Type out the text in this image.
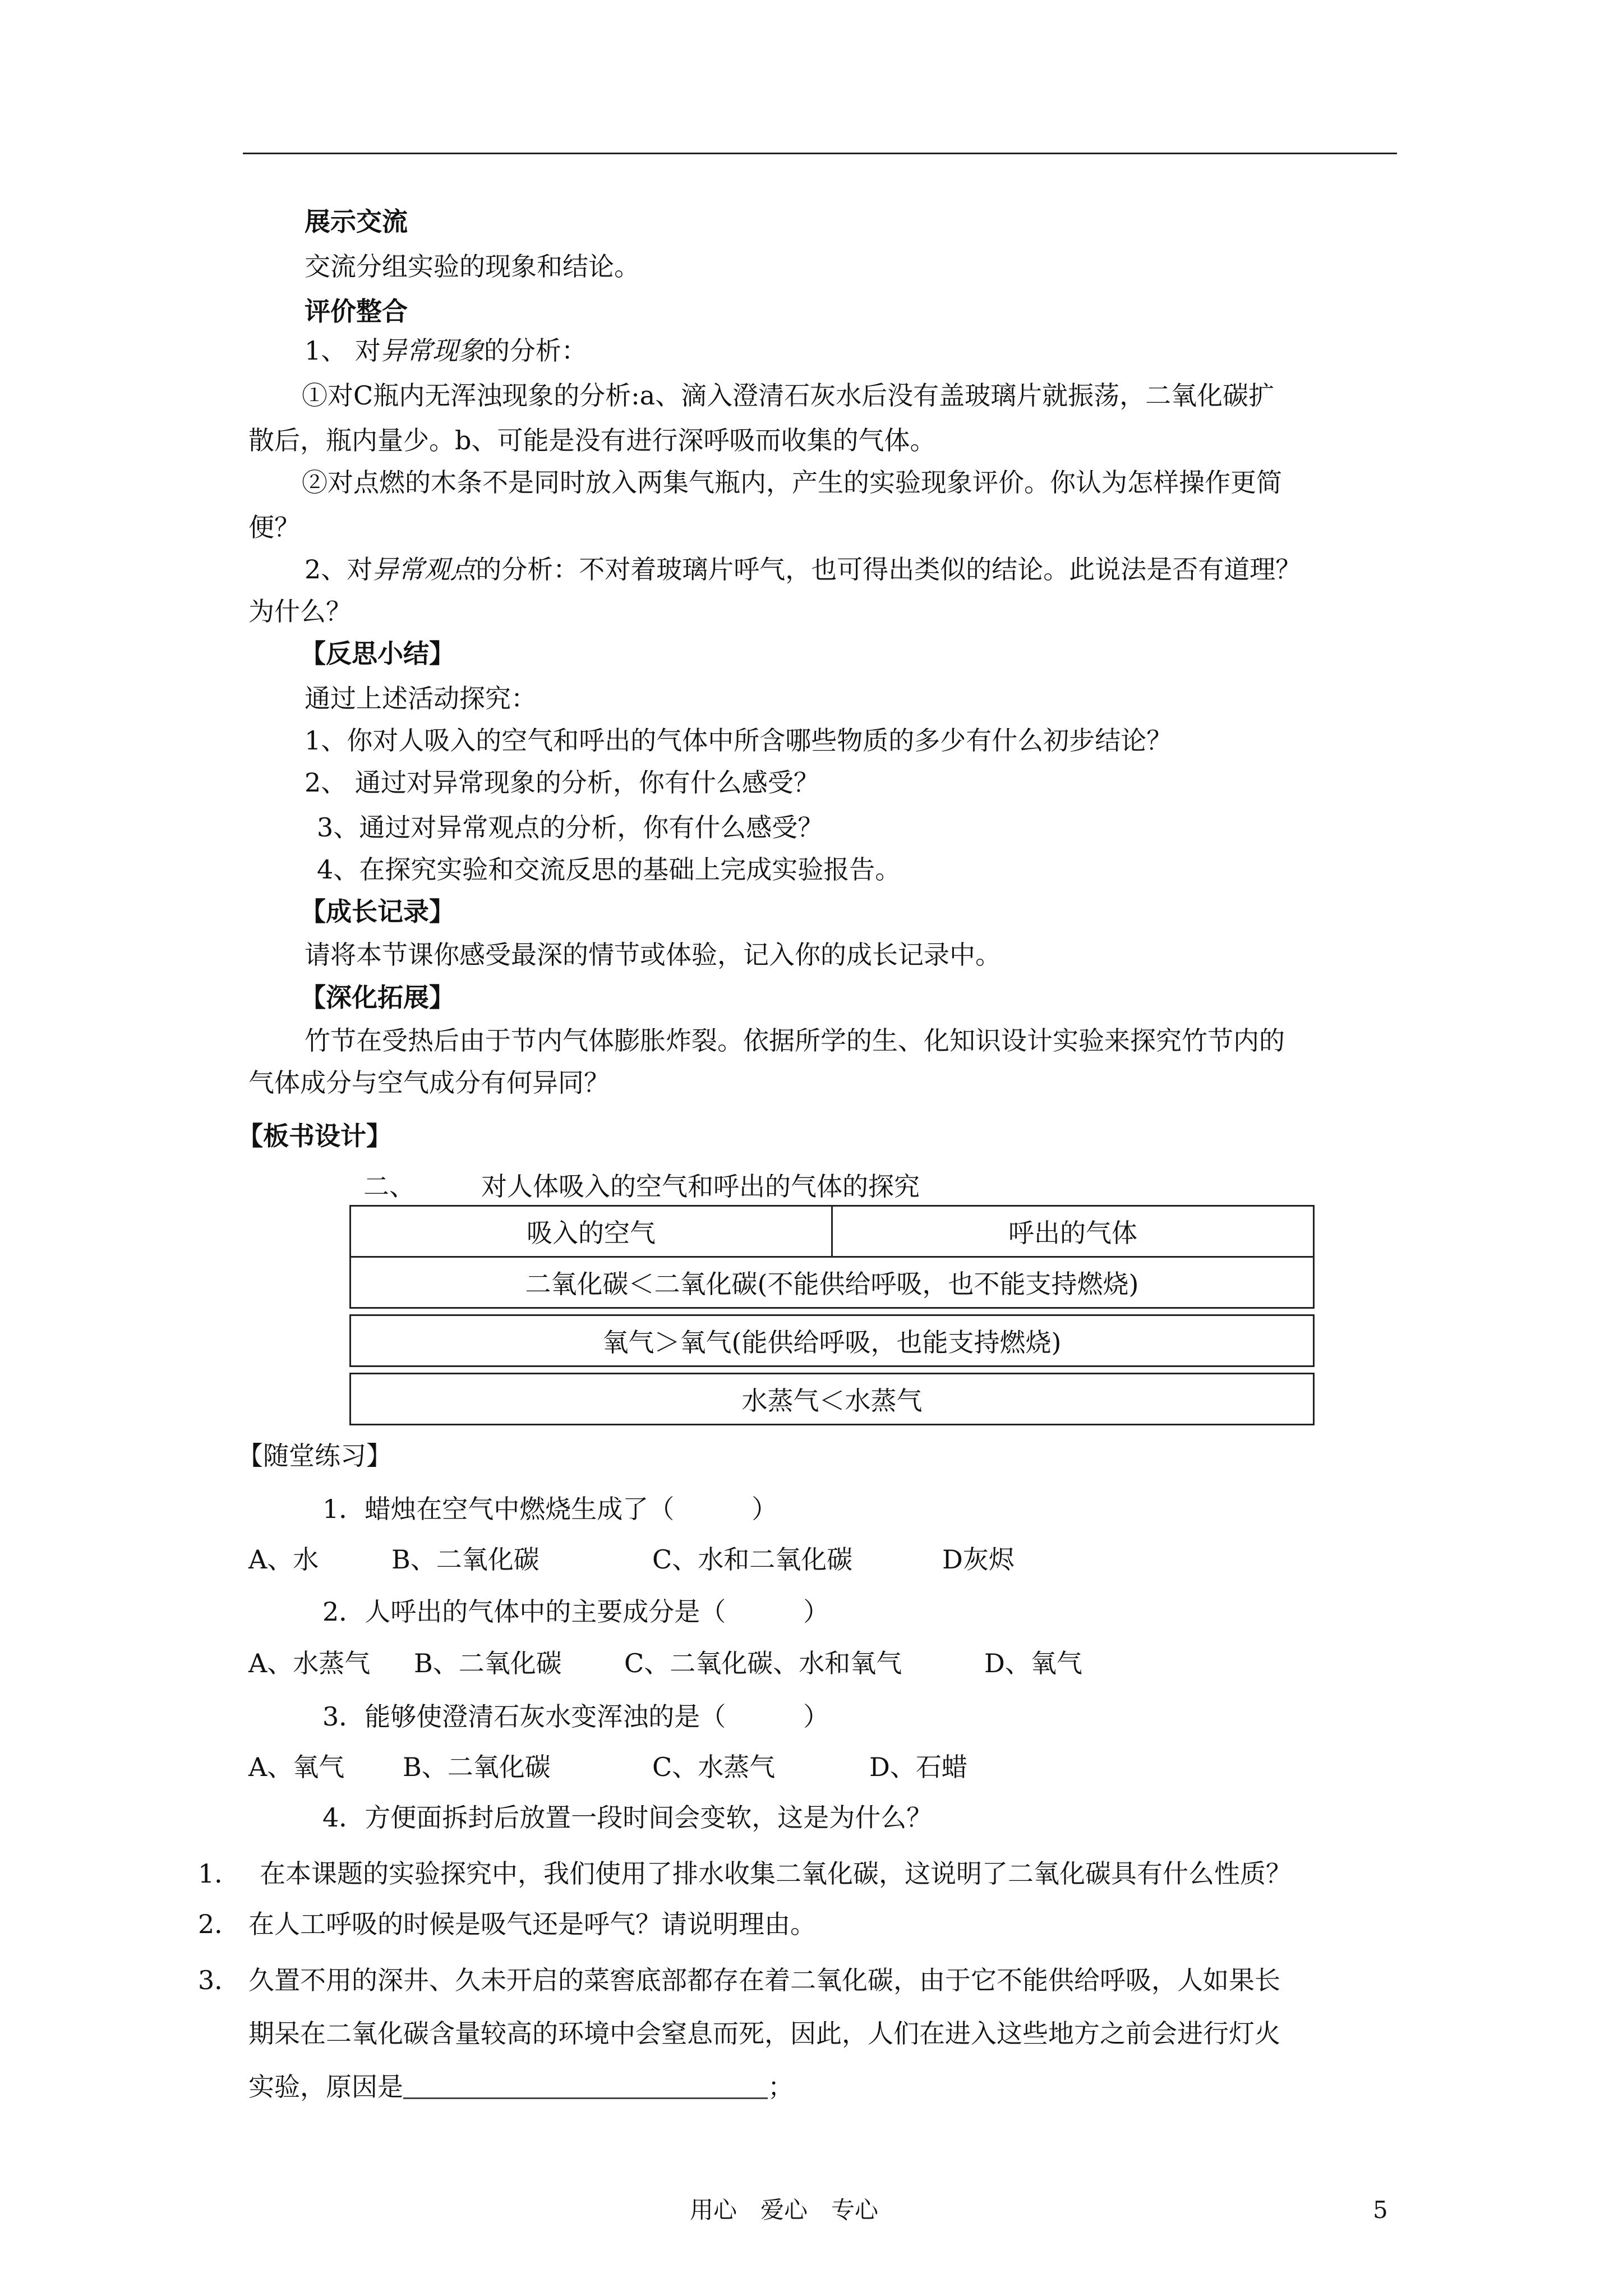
展示交流
交流分组实验的现象和结论。
评价整合
1、 对异常现象的分析：
①对C瓶内无浑浊现象的分析:a、滴入澄清石灰水后没有盖玻璃片就振荡，二氧化碳扩
散后，瓶内量少。b、可能是没有进行深呼吸而收集的气体。
②对点燃的木条不是同时放入两集气瓶内，产生的实验现象评价。你认为怎样操作更简
便？
2、对异常观点的分析：不对着玻璃片呼气，也可得出类似的结论。此说法是否有道理？
为什么？
【反思小结】
通过上述活动探究：
1、你对人吸入的空气和呼出的气体中所含哪些物质的多少有什么初步结论？
2、 通过对异常现象的分析，你有什么感受？
3、通过对异常观点的分析，你有什么感受？
4、在探究实验和交流反思的基础上完成实验报告。
【成长记录】
请将本节课你感受最深的情节或体验，记入你的成长记录中。
【深化拓展】
竹节在受热后由于节内气体膨胀炸裂。依据所学的生、化知识设计实验来探究竹节内的
气体成分与空气成分有何异同？
【板书设计】
二、	对人体吸入的空气和呼出的气体的探究
吸入的空气	呼出的气体
二氧化碳＜二氧化碳(不能供给呼吸，也不能支持燃烧)

氧气＞氧气(能供给呼吸，也能支持燃烧)

水蒸气＜水蒸气
【随堂练习】
1．蜡烛在空气中燃烧生成了（　　　）
A、水	B、二氧化碳	C、水和二氧化碳	D灰烬
2．人呼出的气体中的主要成分是（　　　）
A、水蒸气 B、二氧化碳 C、二氧化碳、水和氧气	D、氧气
3．能够使澄清石灰水变浑浊的是（　　　）
A、氧气 B、二氧化碳	C、水蒸气	D、石蜡
4．方便面拆封后放置一段时间会变软，这是为什么？
1． 在本课题的实验探究中，我们使用了排水收集二氧化碳，这说明了二氧化碳具有什么性质？
2． 在人工呼吸的时候是吸气还是呼气？请说明理由。
3． 久置不用的深井、久未开启的菜窖底部都存在着二氧化碳，由于它不能供给呼吸，人如果长
期呆在二氧化碳含量较高的环境中会窒息而死，因此，人们在进入这些地方之前会进行灯火
实验，原因是	；
用心　爱心　专心	5
